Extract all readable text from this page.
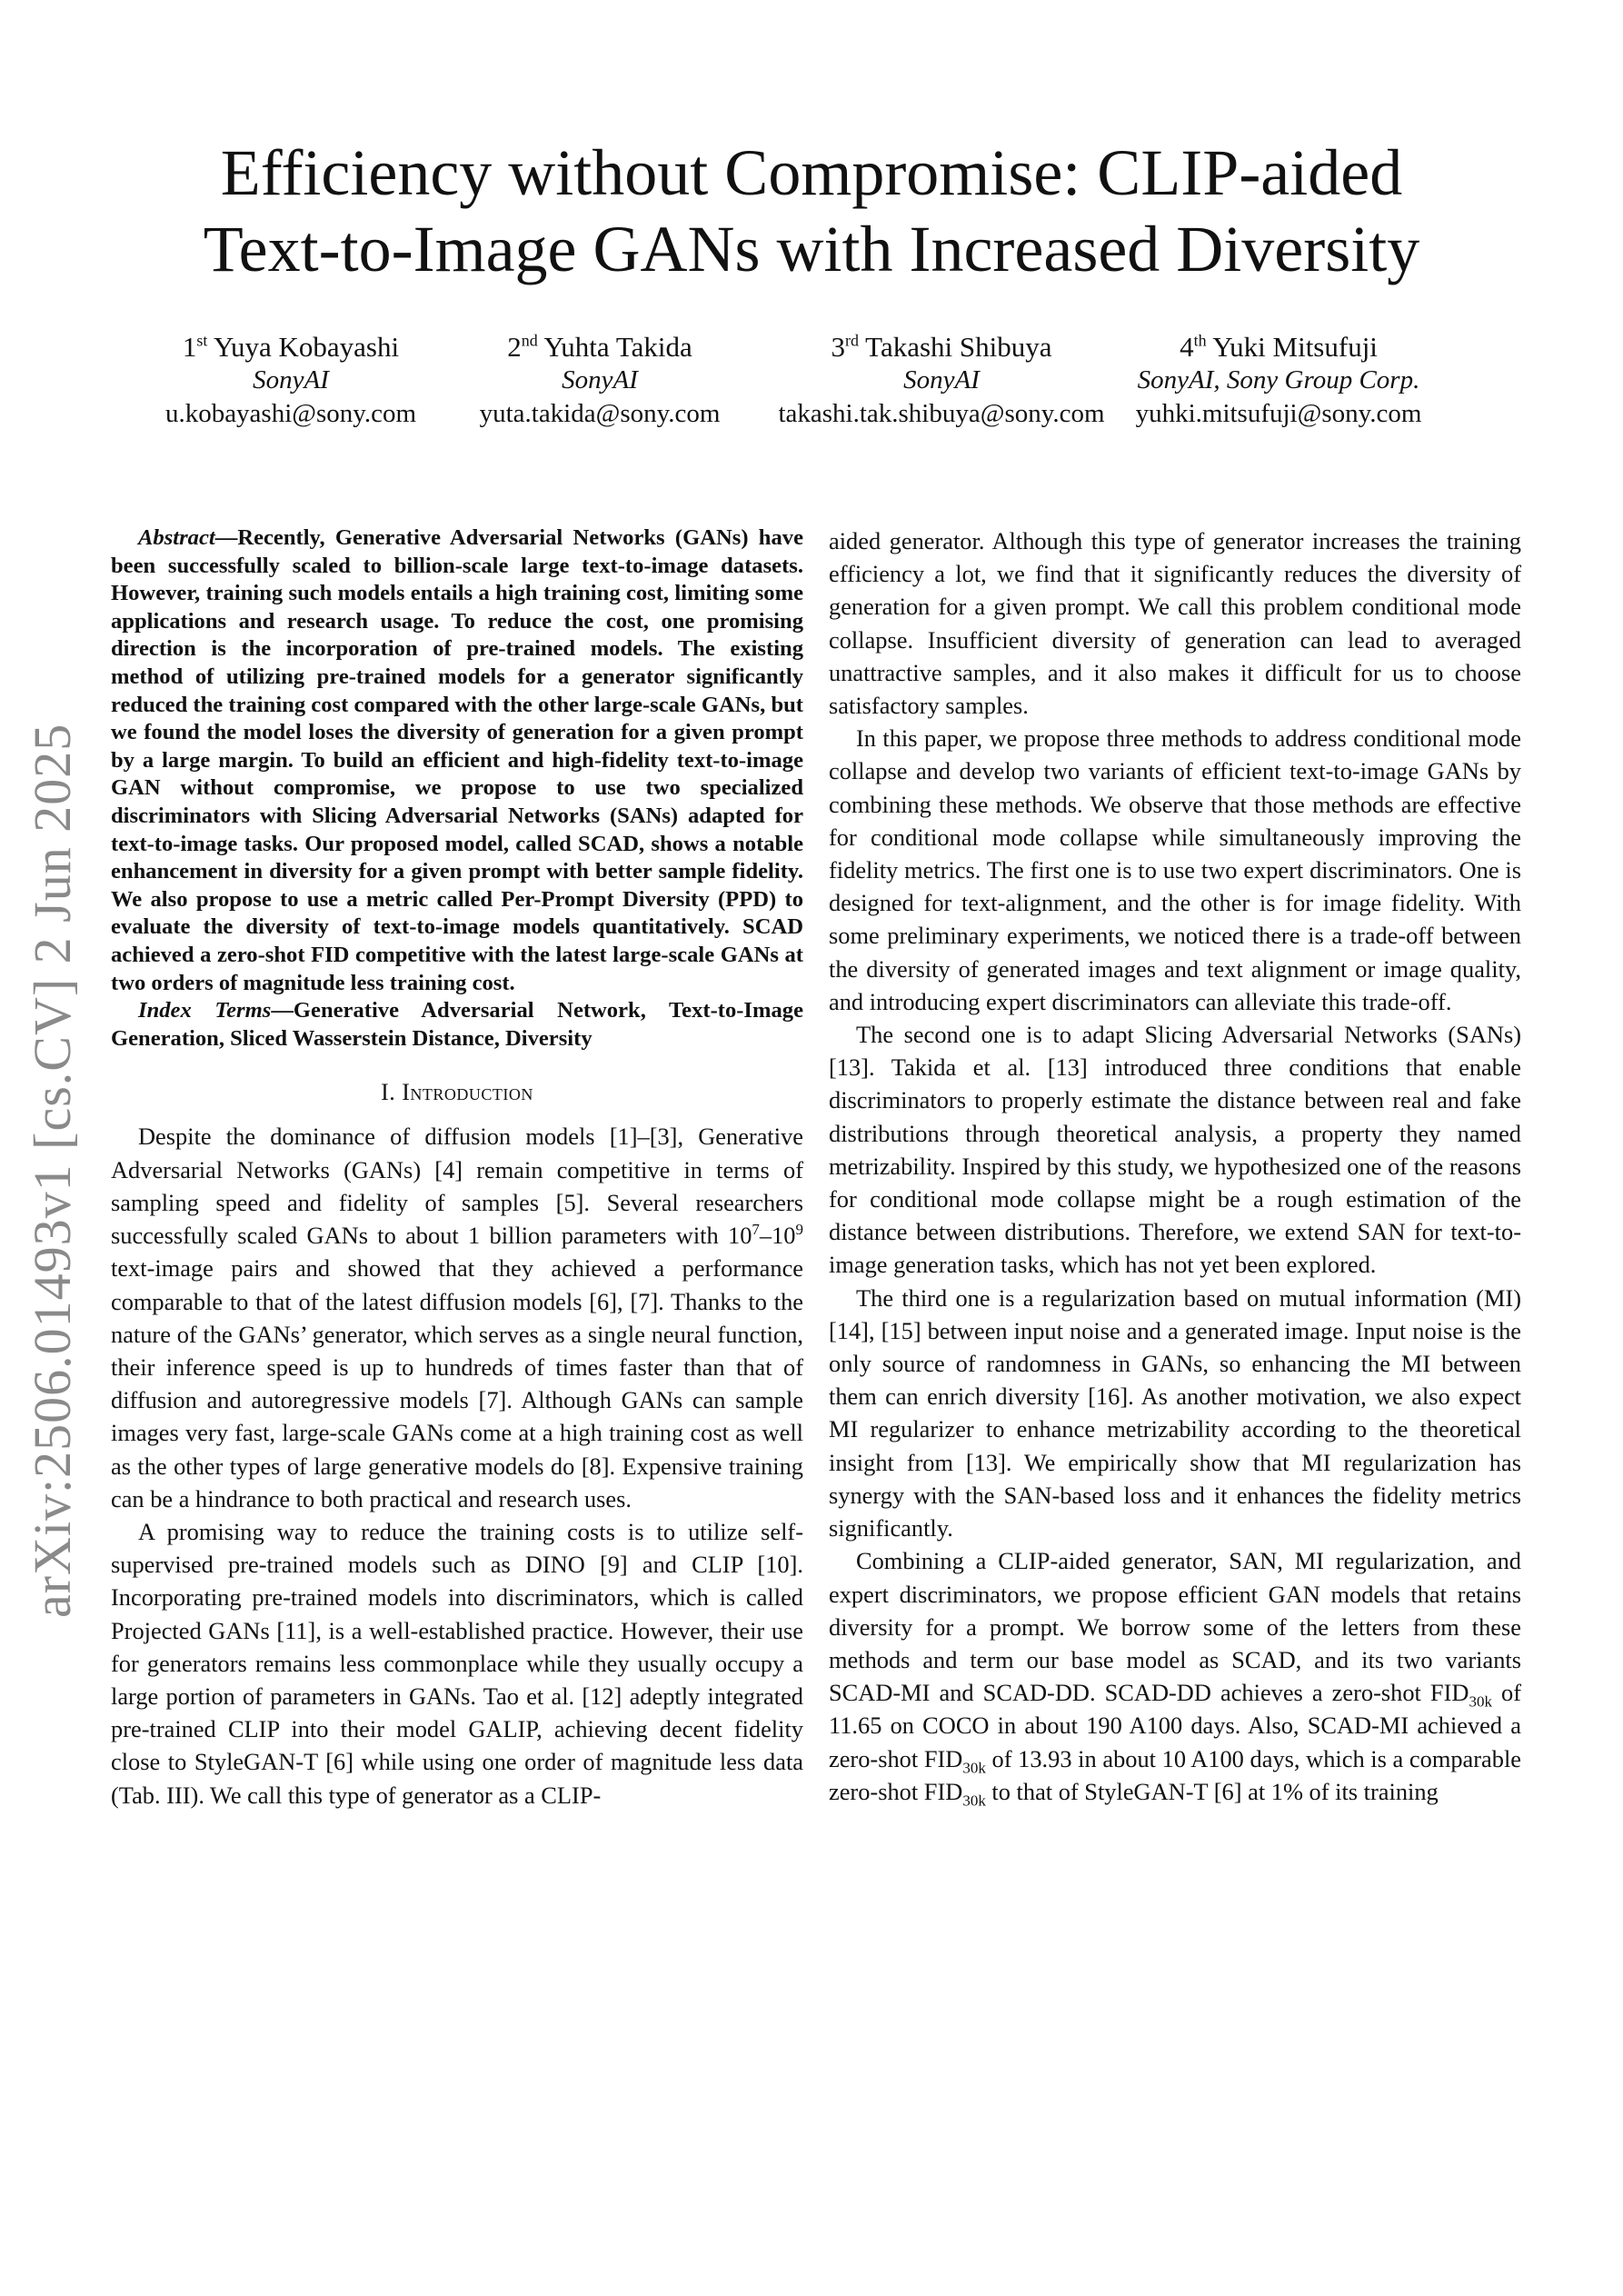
Efficiency without Compromise: CLIP-aided
Text-to-Image GANs with Increased Diversity
1st Yuya Kobayashi
SonyAI
u.kobayashi@sony.com
2nd Yuhta Takida
SonyAI
yuta.takida@sony.com
3rd Takashi Shibuya
SonyAI
takashi.tak.shibuya@sony.com
4th Yuki Mitsufuji
SonyAI, Sony Group Corp.
yuhki.mitsufuji@sony.com
arXiv:2506.01493v1 [cs.CV] 2 Jun 2025

Abstract—Recently, Generative Adversarial Networks (GANs) have been successfully scaled to billion-scale large text-to-image datasets. However, training such models entails a high training cost, limiting some applications and research usage. To reduce the cost, one promising direction is the incorporation of pre-trained models. The existing method of utilizing pre-trained models for a generator significantly reduced the training cost compared with the other large-scale GANs, but we found the model loses the diversity of generation for a given prompt by a large margin. To build an efficient and high-fidelity text-to-image GAN without compromise, we propose to use two specialized discriminators with Slicing Adversarial Networks (SANs) adapted for text-to-image tasks. Our proposed model, called SCAD, shows a notable enhancement in diversity for a given prompt with better sample fidelity. We also propose to use a metric called Per-Prompt Diversity (PPD) to evaluate the diversity of text-to-image models quantitatively. SCAD achieved a zero-shot FID competitive with the latest large-scale GANs at two orders of magnitude less training cost.

Index Terms—Generative Adversarial Network, Text-to-Image Generation, Sliced Wasserstein Distance, Diversity

I. Introduction

Despite the dominance of diffusion models [1]–[3], Generative Adversarial Networks (GANs) [4] remain competitive in terms of sampling speed and fidelity of samples [5]. Several researchers successfully scaled GANs to about 1 billion parameters with $10^7-10^9$ text-image pairs and showed that they achieved a performance comparable to that of the latest diffusion models [6], [7]. Thanks to the nature of the GANs’ generator, which serves as a single neural function, their inference speed is up to hundreds of times faster than that of diffusion and autoregressive models [7]. Although GANs can sample images very fast, large-scale GANs come at a high training cost as well as the other types of large generative models do [8]. Expensive training can be a hindrance to both practical and research uses.

A promising way to reduce the training costs is to utilize self-supervised pre-trained models such as DINO [9] and CLIP [10]. Incorporating pre-trained models into discriminators, which is called Projected GANs [11], is a well-established practice. However, their use for generators remains less commonplace while they usually occupy a large portion of parameters in GANs. Tao et al. [12] adeptly integrated pre-trained CLIP into their model GALIP, achieving decent fidelity close to StyleGAN-T [6] while using one order of magnitude less data (Tab. III). We call this type of generator as a CLIP-

aided generator. Although this type of generator increases the training efficiency a lot, we find that it significantly reduces the diversity of generation for a given prompt. We call this problem conditional mode collapse. Insufficient diversity of generation can lead to averaged unattractive samples, and it also makes it difficult for us to choose satisfactory samples.

In this paper, we propose three methods to address conditional mode collapse and develop two variants of efficient text-to-image GANs by combining these methods. We observe that those methods are effective for conditional mode collapse while simultaneously improving the fidelity metrics. The first one is to use two expert discriminators. One is designed for text-alignment, and the other is for image fidelity. With some preliminary experiments, we noticed there is a trade-off between the diversity of generated images and text alignment or image quality, and introducing expert discriminators can alleviate this trade-off.

The second one is to adapt Slicing Adversarial Networks (SANs) [13]. Takida et al. [13] introduced three conditions that enable discriminators to properly estimate the distance between real and fake distributions through theoretical analysis, a property they named metrizability. Inspired by this study, we hypothesized one of the reasons for conditional mode collapse might be a rough estimation of the distance between distributions. Therefore, we extend SAN for text-to-image generation tasks, which has not yet been explored.

The third one is a regularization based on mutual information (MI) [14], [15] between input noise and a generated image. Input noise is the only source of randomness in GANs, so enhancing the MI between them can enrich diversity [16]. As another motivation, we also expect MI regularizer to enhance metrizability according to the theoretical insight from [13]. We empirically show that MI regularization has synergy with the SAN-based loss and it enhances the fidelity metrics significantly.

Combining a CLIP-aided generator, SAN, MI regularization, and expert discriminators, we propose efficient GAN models that retains diversity for a prompt. We borrow some of the letters from these methods and term our base model as SCAD, and its two variants SCAD-MI and SCAD-DD. SCAD-DD achieves a zero-shot $FID_{30k}$ of 11.65 on COCO in about 190 A100 days. Also, SCAD-MI achieved a zero-shot $FID_{30k}$ of 13.93 in about 10 A100 days, which is a comparable zero-shot $FID_{30k}$ to that of StyleGAN-T [6] at 1% of its training
